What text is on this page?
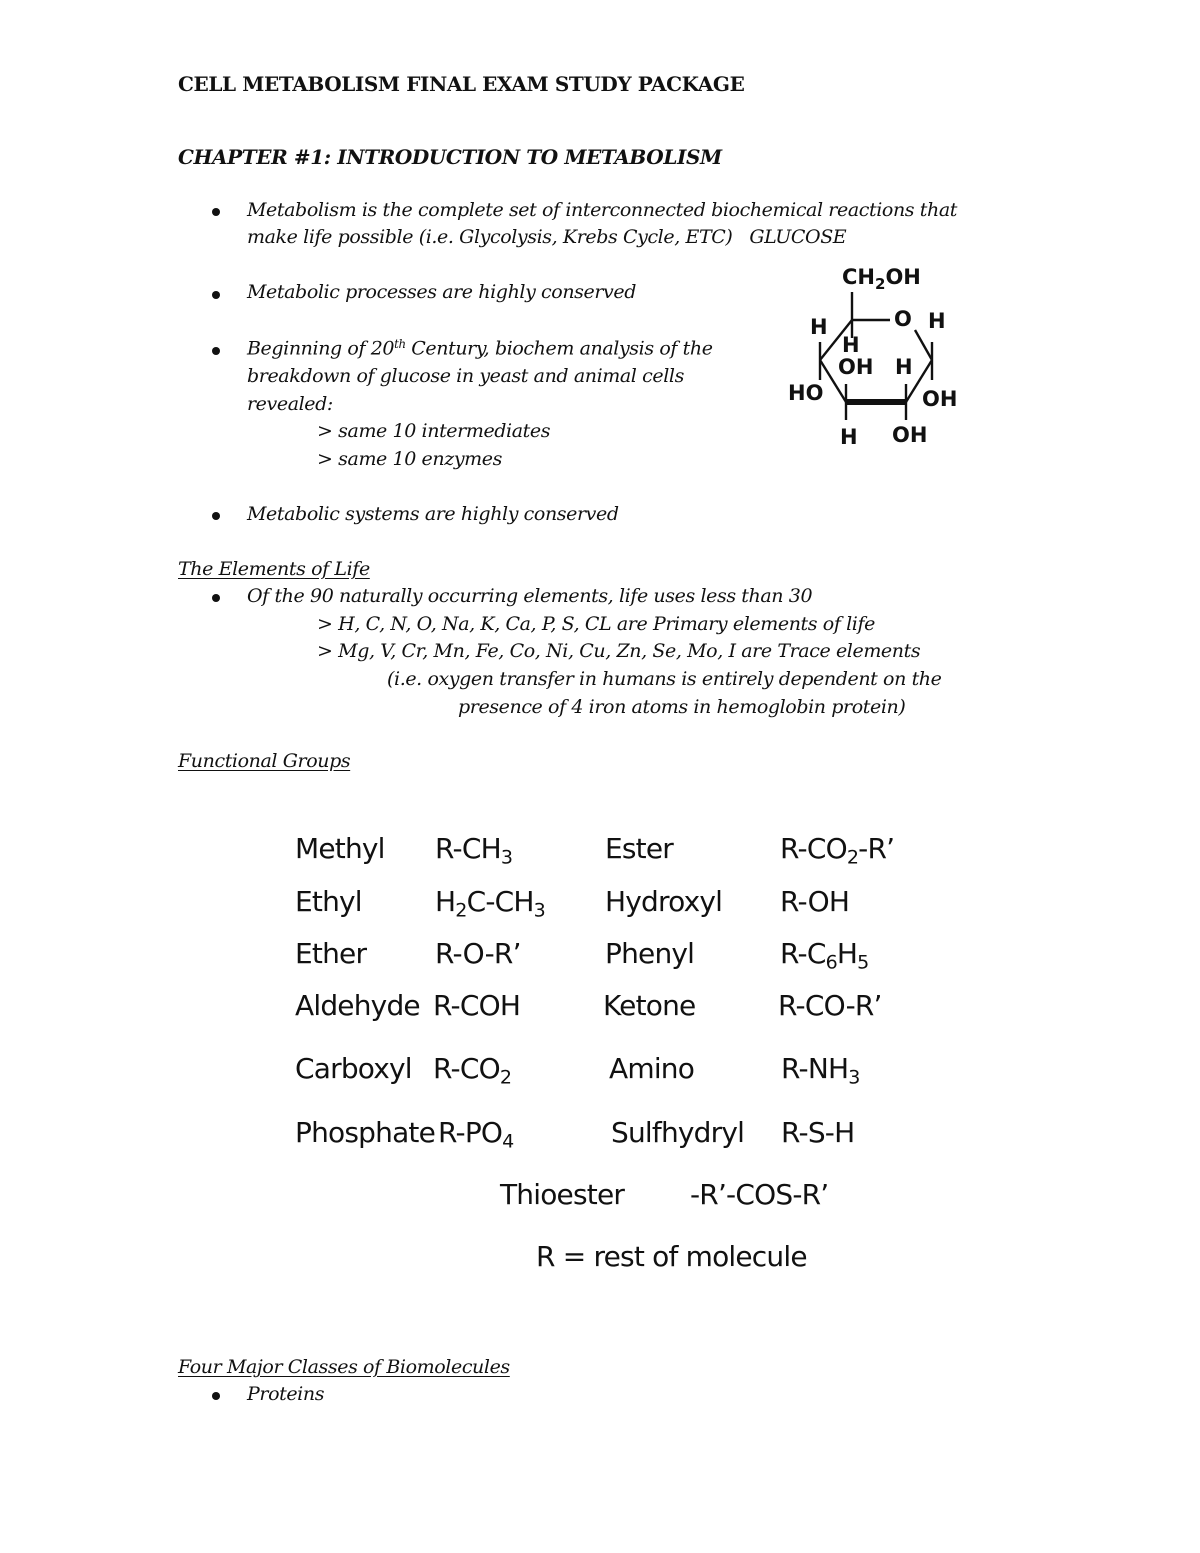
CELL METABOLISM FINAL EXAM STUDY PACKAGE
CHAPTER #1: INTRODUCTION TO METABOLISM
Metabolism is the complete set of interconnected biochemical reactions that
make life possible (i.e. Glycolysis, Krebs Cycle, ETC) GLUCOSE
Metabolic processes are highly conserved
Beginning of 20th Century, biochem analysis of the
breakdown of glucose in yeast and animal cells
revealed:
> same 10 intermediates
> same 10 enzymes
Metabolic systems are highly conserved
$CH_2OH$
O H
H
H
OH H
HO	OH
H OH
The Elements of Life
Of the 90 naturally occurring elements, life uses less than 30
> H, C, N, O, Na, K, Ca, P, S, CL are Primary elements of life
> Mg, V, Cr, Mn, Fe, Co, Ni, Cu, Zn, Se, Mo, I are Trace elements
(i.e. oxygen transfer in humans is entirely dependent on the
presence of 4 iron atoms in hemoglobin protein)
Functional Groups
Methyl $R-CH_3$	Ester	$R-CO_2-R$’
Ethyl	$H_2C-CH_3$ Hydroxyl R-OH
Ether R-O-R’	Phenyl	$R-C_6H_5$
Aldehyde R-COH	Ketone	R-CO-R’
Carboxyl $R-CO_2$	Amino	$R-NH_3$
Phosphate $R-PO_4$	Sulfhydryl R-S-H
Thioester -R’-COS-R’
R = rest of molecule
Four Major Classes of Biomolecules
Proteins
